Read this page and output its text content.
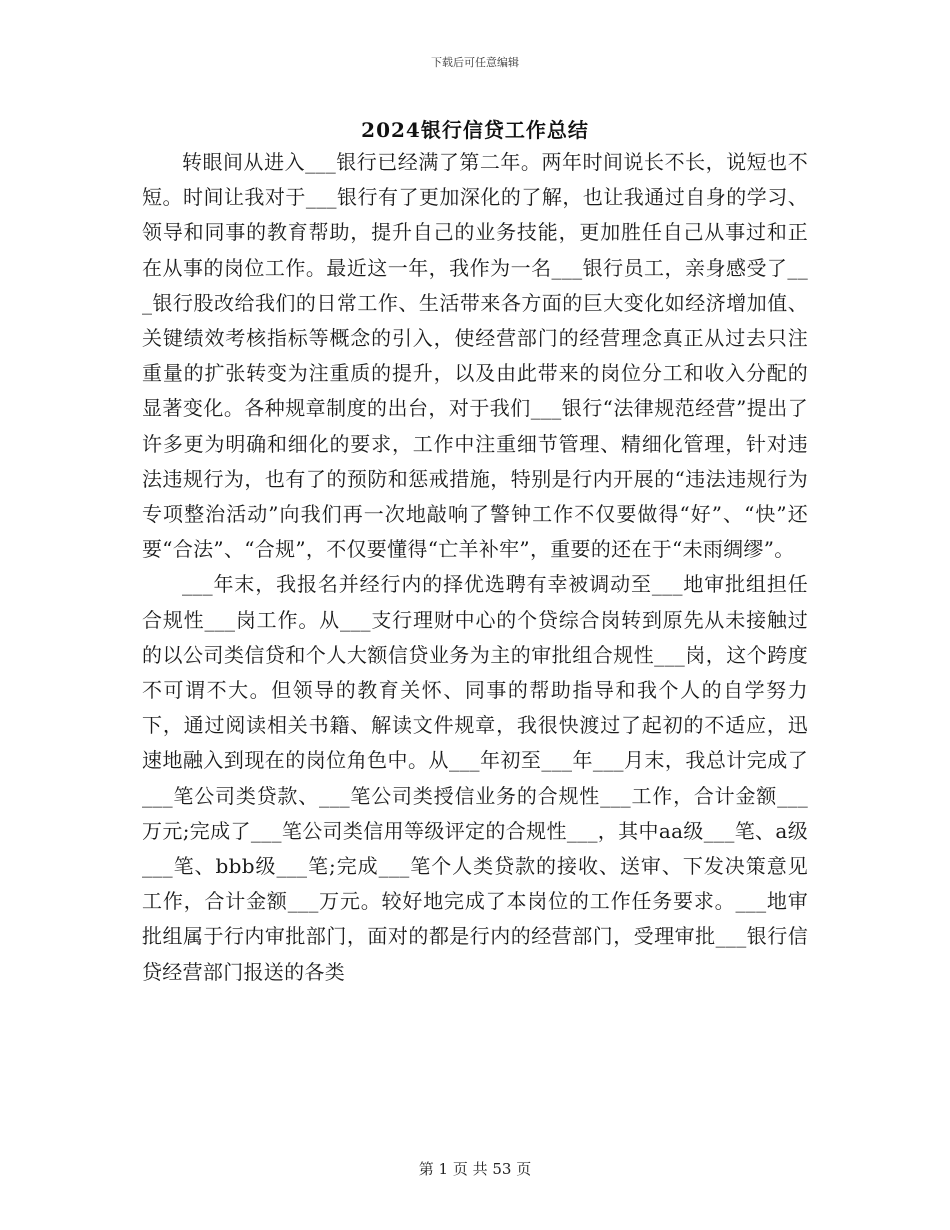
下载后可任意编辑
2024银行信贷工作总结

转眼间从进入___银行已经满了第二年。两年时间说长不长，说短也不短。时间让我对于___银行有了更加深化的了解，也让我通过自身的学习、领导和同事的教育帮助，提升自己的业务技能，更加胜任自己从事过和正在从事的岗位工作。最近这一年，我作为一名___银行员工，亲身感受了___银行股改给我们的日常工作、生活带来各方面的巨大变化如经济增加值、关键绩效考核指标等概念的引入，使经营部门的经营理念真正从过去只注重量的扩张转变为注重质的提升，以及由此带来的岗位分工和收入分配的显著变化。各种规章制度的出台，对于我们___银行“法律规范经营”提出了许多更为明确和细化的要求，工作中注重细节管理、精细化管理，针对违法违规行为，也有了的预防和惩戒措施，特别是行内开展的“违法违规行为专项整治活动”向我们再一次地敲响了警钟工作不仅要做得“好”、“快”还要“合法”、“合规”，不仅要懂得“亡羊补牢”，重要的还在于“未雨绸缪”。

___年末，我报名并经行内的择优选聘有幸被调动至___地审批组担任合规性___岗工作。从___支行理财中心的个贷综合岗转到原先从未接触过的以公司类信贷和个人大额信贷业务为主的审批组合规性___岗，这个跨度不可谓不大。但领导的教育关怀、同事的帮助指导和我个人的自学努力下，通过阅读相关书籍、解读文件规章，我很快渡过了起初的不适应，迅速地融入到现在的岗位角色中。从___年初至___年___月末，我总计完成了___笔公司类贷款、___笔公司类授信业务的合规性___工作，合计金额___万元;完成了___笔公司类信用等级评定的合规性___，其中aa级___笔、a级___笔、bbb级___笔;完成___笔个人类贷款的接收、送审、下发决策意见工作，合计金额___万元。较好地完成了本岗位的工作任务要求。___地审批组属于行内审批部门，面对的都是行内的经营部门，受理审批___银行信贷经营部门报送的各类

第 1 页 共 53 页
